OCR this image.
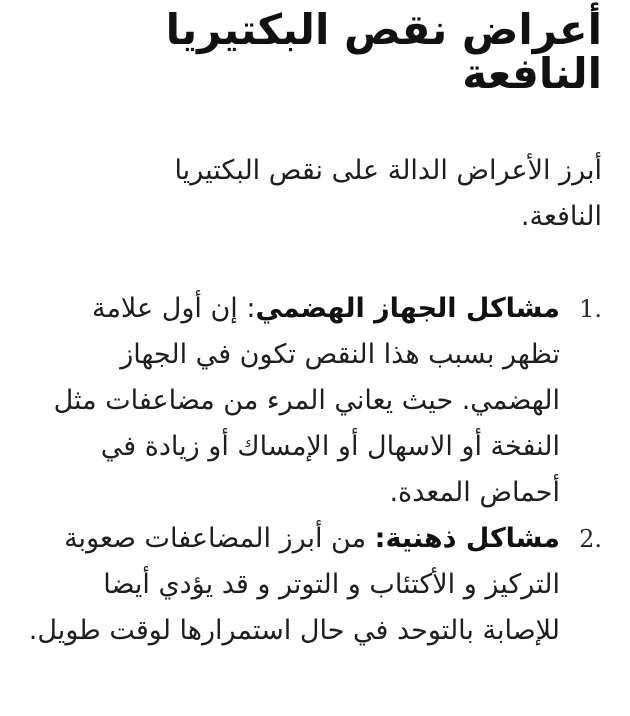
أعراض نقص البكتيريا النافعة

أبرز الأعراض الدالة على نقص البكتيريا النافعة.

1.
مشاكل الجهاز الهضمي: إن أول علامة تظهر بسبب هذا النقص تكون في الجهاز الهضمي. حيث يعاني المرء من مضاعفات مثل النفخة أو الاسهال أو الإمساك أو زيادة في أحماض المعدة.
2.
مشاكل ذهنية: من أبرز المضاعفات صعوبة التركيز و الأكتئاب و التوتر و قد يؤدي أيضا للإصابة بالتوحد في حال استمرارها لوقت طويل.
